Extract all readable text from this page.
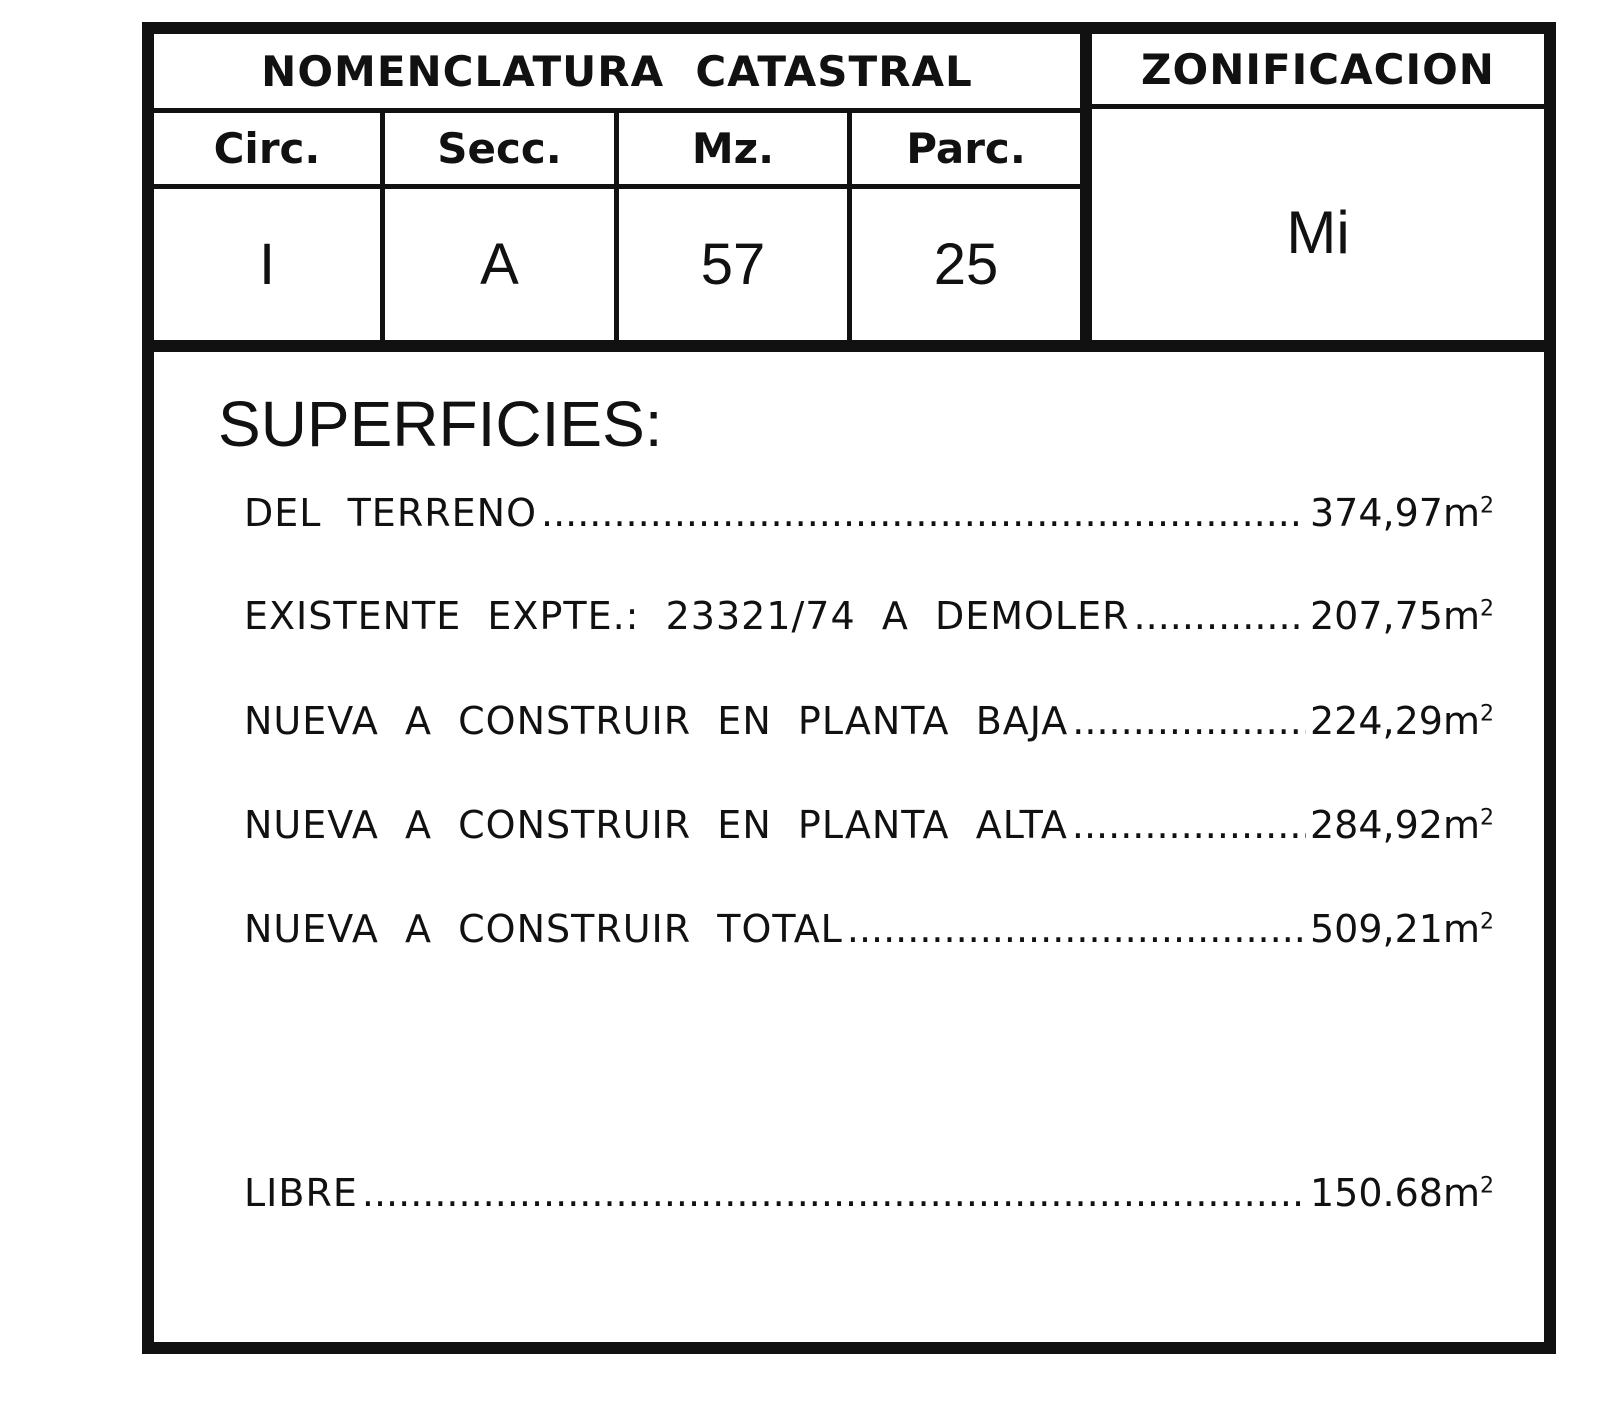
NOMENCLATURA  CATASTRAL	ZONIFICACION
Circ.	Secc.	Mz.	Parc.
I	A	57	25	Mi
SUPERFICIES:
DEL  TERRENO .....	374,97 $m^2$
EXISTENTE  EXPTE.:  23321/74  A  DEMOLER .....	207,75 $m^2$
NUEVA  A  CONSTRUIR  EN  PLANTA  BAJA .....	224,29 $m^2$
NUEVA  A  CONSTRUIR  EN  PLANTA  ALTA .....	284,92 $m^2$
NUEVA  A  CONSTRUIR  TOTAL .....	509,21 $m^2$
LIBRE .....	150.68 $m^2$
